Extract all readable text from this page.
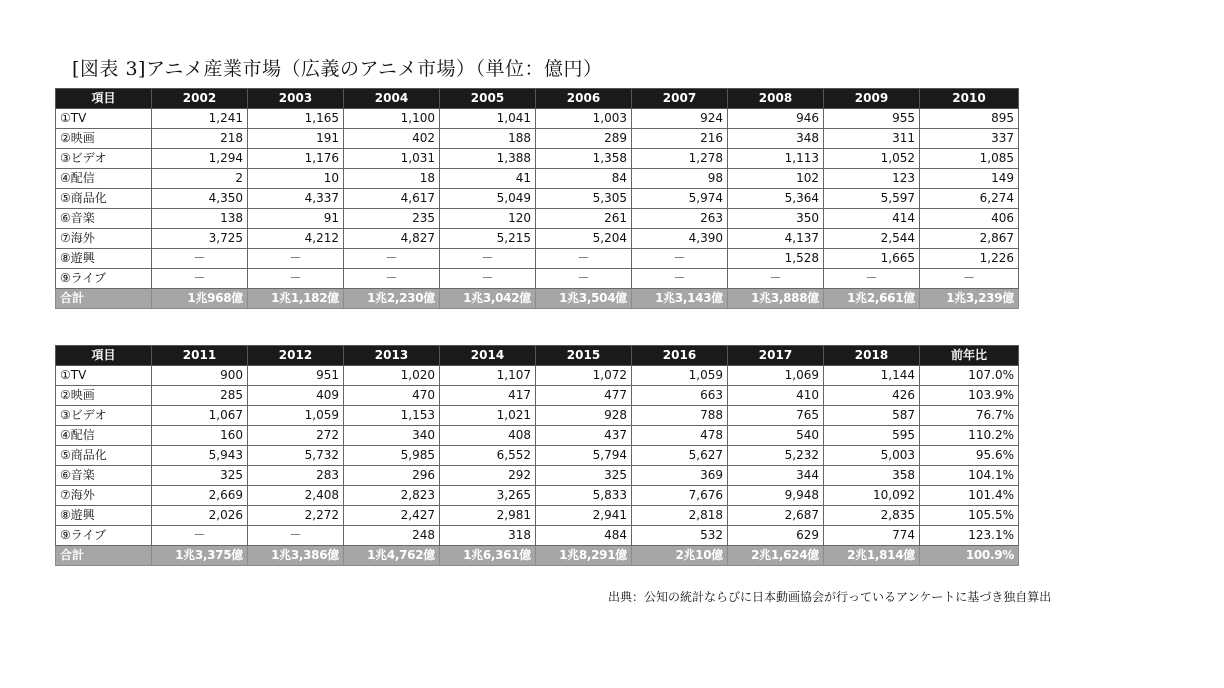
[図表 3]アニメ産業市場（広義のアニメ市場）（単位：億円）
項目	2002	2003	2004	2005	2006	2007	2008	2009	2010
①TV	1,241	1,165	1,100	1,041	1,003	924	946	955	895
②映画	218	191	402	188	289	216	348	311	337
③ビデオ	1,294	1,176	1,031	1,388	1,358	1,278	1,113	1,052	1,085
④配信	2	10	18	41	84	98	102	123	149
⑤商品化	4,350	4,337	4,617	5,049	5,305	5,974	5,364	5,597	6,274
⑥音楽	138	91	235	120	261	263	350	414	406
⑦海外	3,725	4,212	4,827	5,215	5,204	4,390	4,137	2,544	2,867
⑧遊興	－	－	－	－	－	－	1,528	1,665	1,226
⑨ライブ	－	－	－	－	－	－	－	－	－
合計	1兆968億	1兆1,182億	1兆2,230億	1兆3,042億	1兆3,504億	1兆3,143億	1兆3,888億	1兆2,661億	1兆3,239億
項目	2011	2012	2013	2014	2015	2016	2017	2018	前年比
①TV	900	951	1,020	1,107	1,072	1,059	1,069	1,144	107.0%
②映画	285	409	470	417	477	663	410	426	103.9%
③ビデオ	1,067	1,059	1,153	1,021	928	788	765	587	76.7%
④配信	160	272	340	408	437	478	540	595	110.2%
⑤商品化	5,943	5,732	5,985	6,552	5,794	5,627	5,232	5,003	95.6%
⑥音楽	325	283	296	292	325	369	344	358	104.1%
⑦海外	2,669	2,408	2,823	3,265	5,833	7,676	9,948	10,092	101.4%
⑧遊興	2,026	2,272	2,427	2,981	2,941	2,818	2,687	2,835	105.5%
⑨ライブ	－	－	248	318	484	532	629	774	123.1%
合計	1兆3,375億	1兆3,386億	1兆4,762億	1兆6,361億	1兆8,291億	2兆10億	2兆1,624億	2兆1,814億	100.9%
出典：公知の統計ならびに日本動画協会が行っているアンケートに基づき独自算出
